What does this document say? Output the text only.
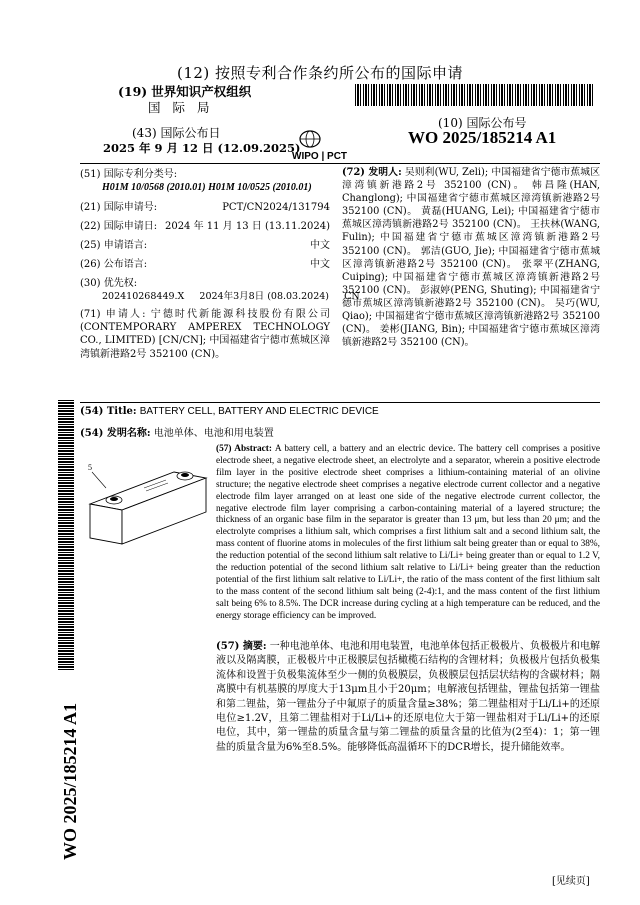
(12) 按照专利合作条约所公布的国际申请
(19) 世界知识产权组织
国 际 局
(43) 国际公布日
2025 年 9 月 12 日 (12.09.2025)
WIPO | PCT
(10) 国际公布号
WO 2025/185214 A1
(51) 国际专利分类号:
H01M 10/0568 (2010.01) H01M 10/0525 (2010.01)
(21) 国际申请号:	PCT/CN2024/131794
(22) 国际申请日: 2024 年 11 月 13 日 (13.11.2024)
(25) 申请语言:	中文
(26) 公布语言:	中文
(30) 优先权:
202410268449.X     2024年3月8日 (08.03.2024)     CN
(71) 申请人: 宁德时代新能源科技股份有限公司 (CONTEMPORARY AMPEREX TECHNOLOGY CO., LIMITED) [CN/CN]; 中国福建省宁德市蕉城区漳湾镇新港路2号 352100 (CN)。
(72) 发明人: 吴则利(WU, Zeli); 中国福建省宁德市蕉城区漳湾镇新港路2号 352100 (CN)。 韩昌隆(HAN, Changlong); 中国福建省宁德市蕉城区漳湾镇新港路2号 352100 (CN)。 黄磊(HUANG, Lei); 中国福建省宁德市蕉城区漳湾镇新港路2号 352100 (CN)。 王扶林(WANG, Fulin); 中国福建省宁德市蕉城区漳湾镇新港路2号 352100 (CN)。 郭洁(GUO, Jie); 中国福建省宁德市蕉城区漳湾镇新港路2号 352100 (CN)。 张翠平(ZHANG, Cuiping); 中国福建省宁德市蕉城区漳湾镇新港路2号 352100 (CN)。 彭淑婷(PENG, Shuting); 中国福建省宁德市蕉城区漳湾镇新港路2号 352100 (CN)。 吴巧(WU, Qiao); 中国福建省宁德市蕉城区漳湾镇新港路2号 352100 (CN)。 姜彬(JIANG, Bin); 中国福建省宁德市蕉城区漳湾镇新港路2号 352100 (CN)。
WO 2025/185214 A1
(54) Title: BATTERY CELL, BATTERY AND ELECTRIC DEVICE
(54) 发明名称: 电池单体、电池和用电装置
5
(57) Abstract: A battery cell, a battery and an electric device. The battery cell comprises a positive electrode sheet, a negative electrode sheet, an electrolyte and a separator, wherein a positive electrode film layer in the positive electrode sheet comprises a lithium-containing material of an olivine structure; the negative electrode sheet comprises a negative electrode current collector and a negative electrode film layer arranged on at least one side of the negative electrode current collector, the negative electrode film layer comprising a carbon-containing material of a layered structure; the thickness of an organic base film in the separator is greater than 13 μm, but less than 20 μm; and the electrolyte comprises a lithium salt, which comprises a first lithium salt and a second lithium salt, the mass content of fluorine atoms in molecules of the first lithium salt being greater than or equal to 38%, the reduction potential of the second lithium salt relative to Li/Li+ being greater than or equal to 1.2 V, the reduction potential of the second lithium salt relative to Li/Li+ being greater than the reduction potential of the first lithium salt relative to Li/Li+, the ratio of the mass content of the first lithium salt to the mass content of the second lithium salt being (2-4):1, and the mass content of the first lithium salt being 6% to 8.5%. The DCR increase during cycling at a high temperature can be reduced, and the energy storage efficiency can be improved.
(57) 摘要: 一种电池单体、电池和用电装置，电池单体包括正极极片、负极极片和电解液以及隔离膜，正极极片中正极膜层包括橄榄石结构的含锂材料；负极极片包括负极集流体和设置于负极集流体至少一侧的负极膜层，负极膜层包括层状结构的含碳材料；隔离膜中有机基膜的厚度大于13μm且小于20μm；电解液包括锂盐，锂盐包括第一锂盐和第二锂盐，第一锂盐分子中氟原子的质量含量≥38%；第二锂盐相对于Li/Li+的还原电位≥1.2V，且第二锂盐相对于Li/Li+的还原电位大于第一锂盐相对于Li/Li+的还原电位，其中，第一锂盐的质量含量与第二锂盐的质量含量的比值为(2至4)：1；第一锂盐的质量含量为6%至8.5%。能够降低高温循环下的DCR增长，提升储能效率。
[见续页]
